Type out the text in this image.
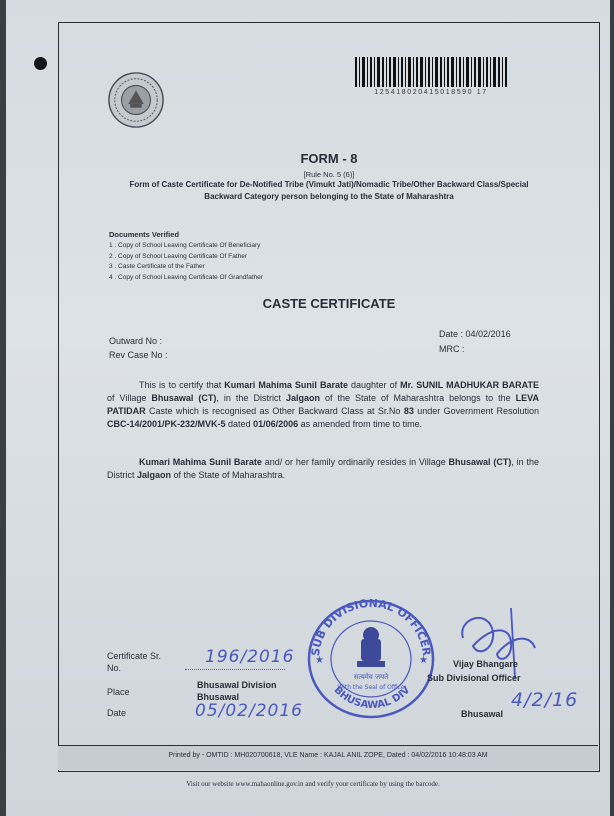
125418020415018590 17
FORM - 8
[Rule No. 5 (6)]
Form of Caste Certificate for De-Notified Tribe (Vimukt Jati)/Nomadic Tribe/Other Backward Class/Special Backward Category person belonging to the State of Maharashtra
Documents Verified
1 . Copy of School Leaving Certificate Of Beneficiary
2 . Copy of School Leaving Certificate Of Father
3 . Caste Certificate of the Father
4 . Copy of School Leaving Certificate Of Grandfather
CASTE CERTIFICATE
Outward No :
Rev Case No :
Date : 04/02/2016
MRC :
This is to certify that Kumari Mahima Sunil Barate daughter of Mr. SUNIL MADHUKAR BARATE of Village Bhusawal (CT), in the District Jalgaon of the State of Maharashtra belongs to the LEVA PATIDAR Caste which is recognised as Other Backward Class at Sr.No 83 under Government Resolution CBC-14/2001/PK-232/MVK-5 dated 01/06/2006 as amended from time to time.
Kumari Mahima Sunil Barate and/ or her family ordinarily resides in Village Bhusawal (CT), in the District Jalgaon of the State of Maharashtra.
Certificate Sr.
No.
196/2016
Place
Bhusawal Division
Bhusawal
Date	05/02/2016
SUB DIVISIONAL OFFICER
BHUSAWAL DIV
सत्यमेव जयते
With the Seal of Office
★	★	Vijay Bhangare
Sub Divisional Officer
Bhusawal
4/2/16
Printed by - OMTID : MH020700618, VLE Name : KAJAL ANIL ZOPE, Dated : 04/02/2016 10:48:03 AM
Visit our website www.mahaonline.gov.in and verify your certificate by using the barcode.
